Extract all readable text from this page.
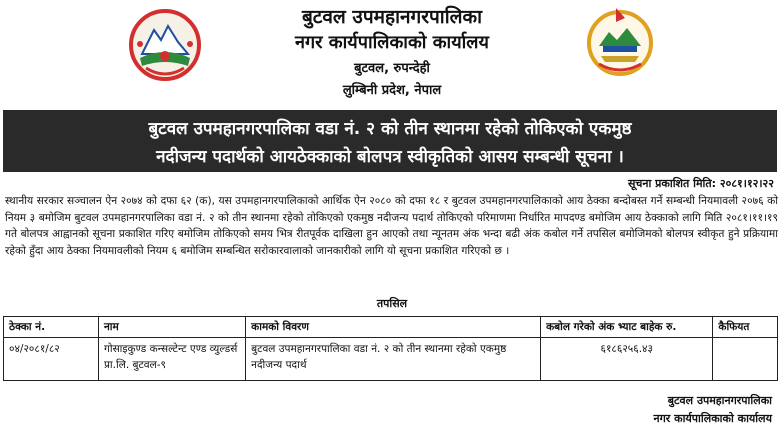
बुटवल उपमहानगरपालिका
नगर कार्यपालिकाको कार्यालय
बुटवल, रुपन्देही
लुम्बिनी प्रदेश, नेपाल
बुटवल उपमहानगरपालिका वडा नं. २ को तीन स्थानमा रहेको तोकिएको एकमुष्ठ
नदीजन्य पदार्थको आयठेक्काको बोलपत्र स्वीकृतिको आसय सम्बन्धी सूचना ।
सूचना प्रकाशित मिति: २०८१।१२।२२
स्थानीय सरकार सञ्चालन ऐन २०७४ को दफा ६२ (क), यस उपमहानगरपालिकाको आर्थिक ऐन २०८० को दफा १८ र बुटवल उपमहानगरपालिकाको आय ठेक्का बन्दोबस्त गर्ने सम्बन्धी नियमावली २०७६ को नियम ३ बमोजिम बुटवल उपमहानगरपालिका वडा नं. २ को तीन स्थानमा रहेको तोकिएको एकमुष्ठ नदीजन्य पदार्थ तोकिएको परिमाणमा निर्धारित मापदण्ड बमोजिम आय ठेक्काको लागि मिति २०८१।११।१९ गते बोलपत्र आह्वानको सूचना प्रकाशित गरिए बमोजिम तोकिएको समय भित्र रीतपूर्वक दाखिला हुन आएको तथा न्यूनतम अंक भन्दा बढी अंक कबोल गर्ने तपसिल बमोजिमको बोलपत्र स्वीकृत हुने प्रक्रियामा रहेको हुँदा आय ठेक्का नियमावलीको नियम ६ बमोजिम सम्बन्धित सरोकारवालाको जानकारीको लागि यो सूचना प्रकाशित गरिएको छ ।
तपसिल
ठेक्का नं.	नाम	कामको विवरण	कबोल गरेको अंक भ्याट बाहेक रु.	कैफियत
०४/२०८१/८२	गोसाइकुण्ड कन्सल्टेन्ट एण्ड व्युल्डर्स प्रा.लि. बुटवल-९	बुटवल उपमहानगरपालिका वडा नं. २ को तीन स्थानमा रहेको एकमुष्ठ नदीजन्य पदार्थ	६१८६२५६.४३	
बुटवल उपमहानगरपालिका
नगर कार्यपालिकाको कार्यालय
